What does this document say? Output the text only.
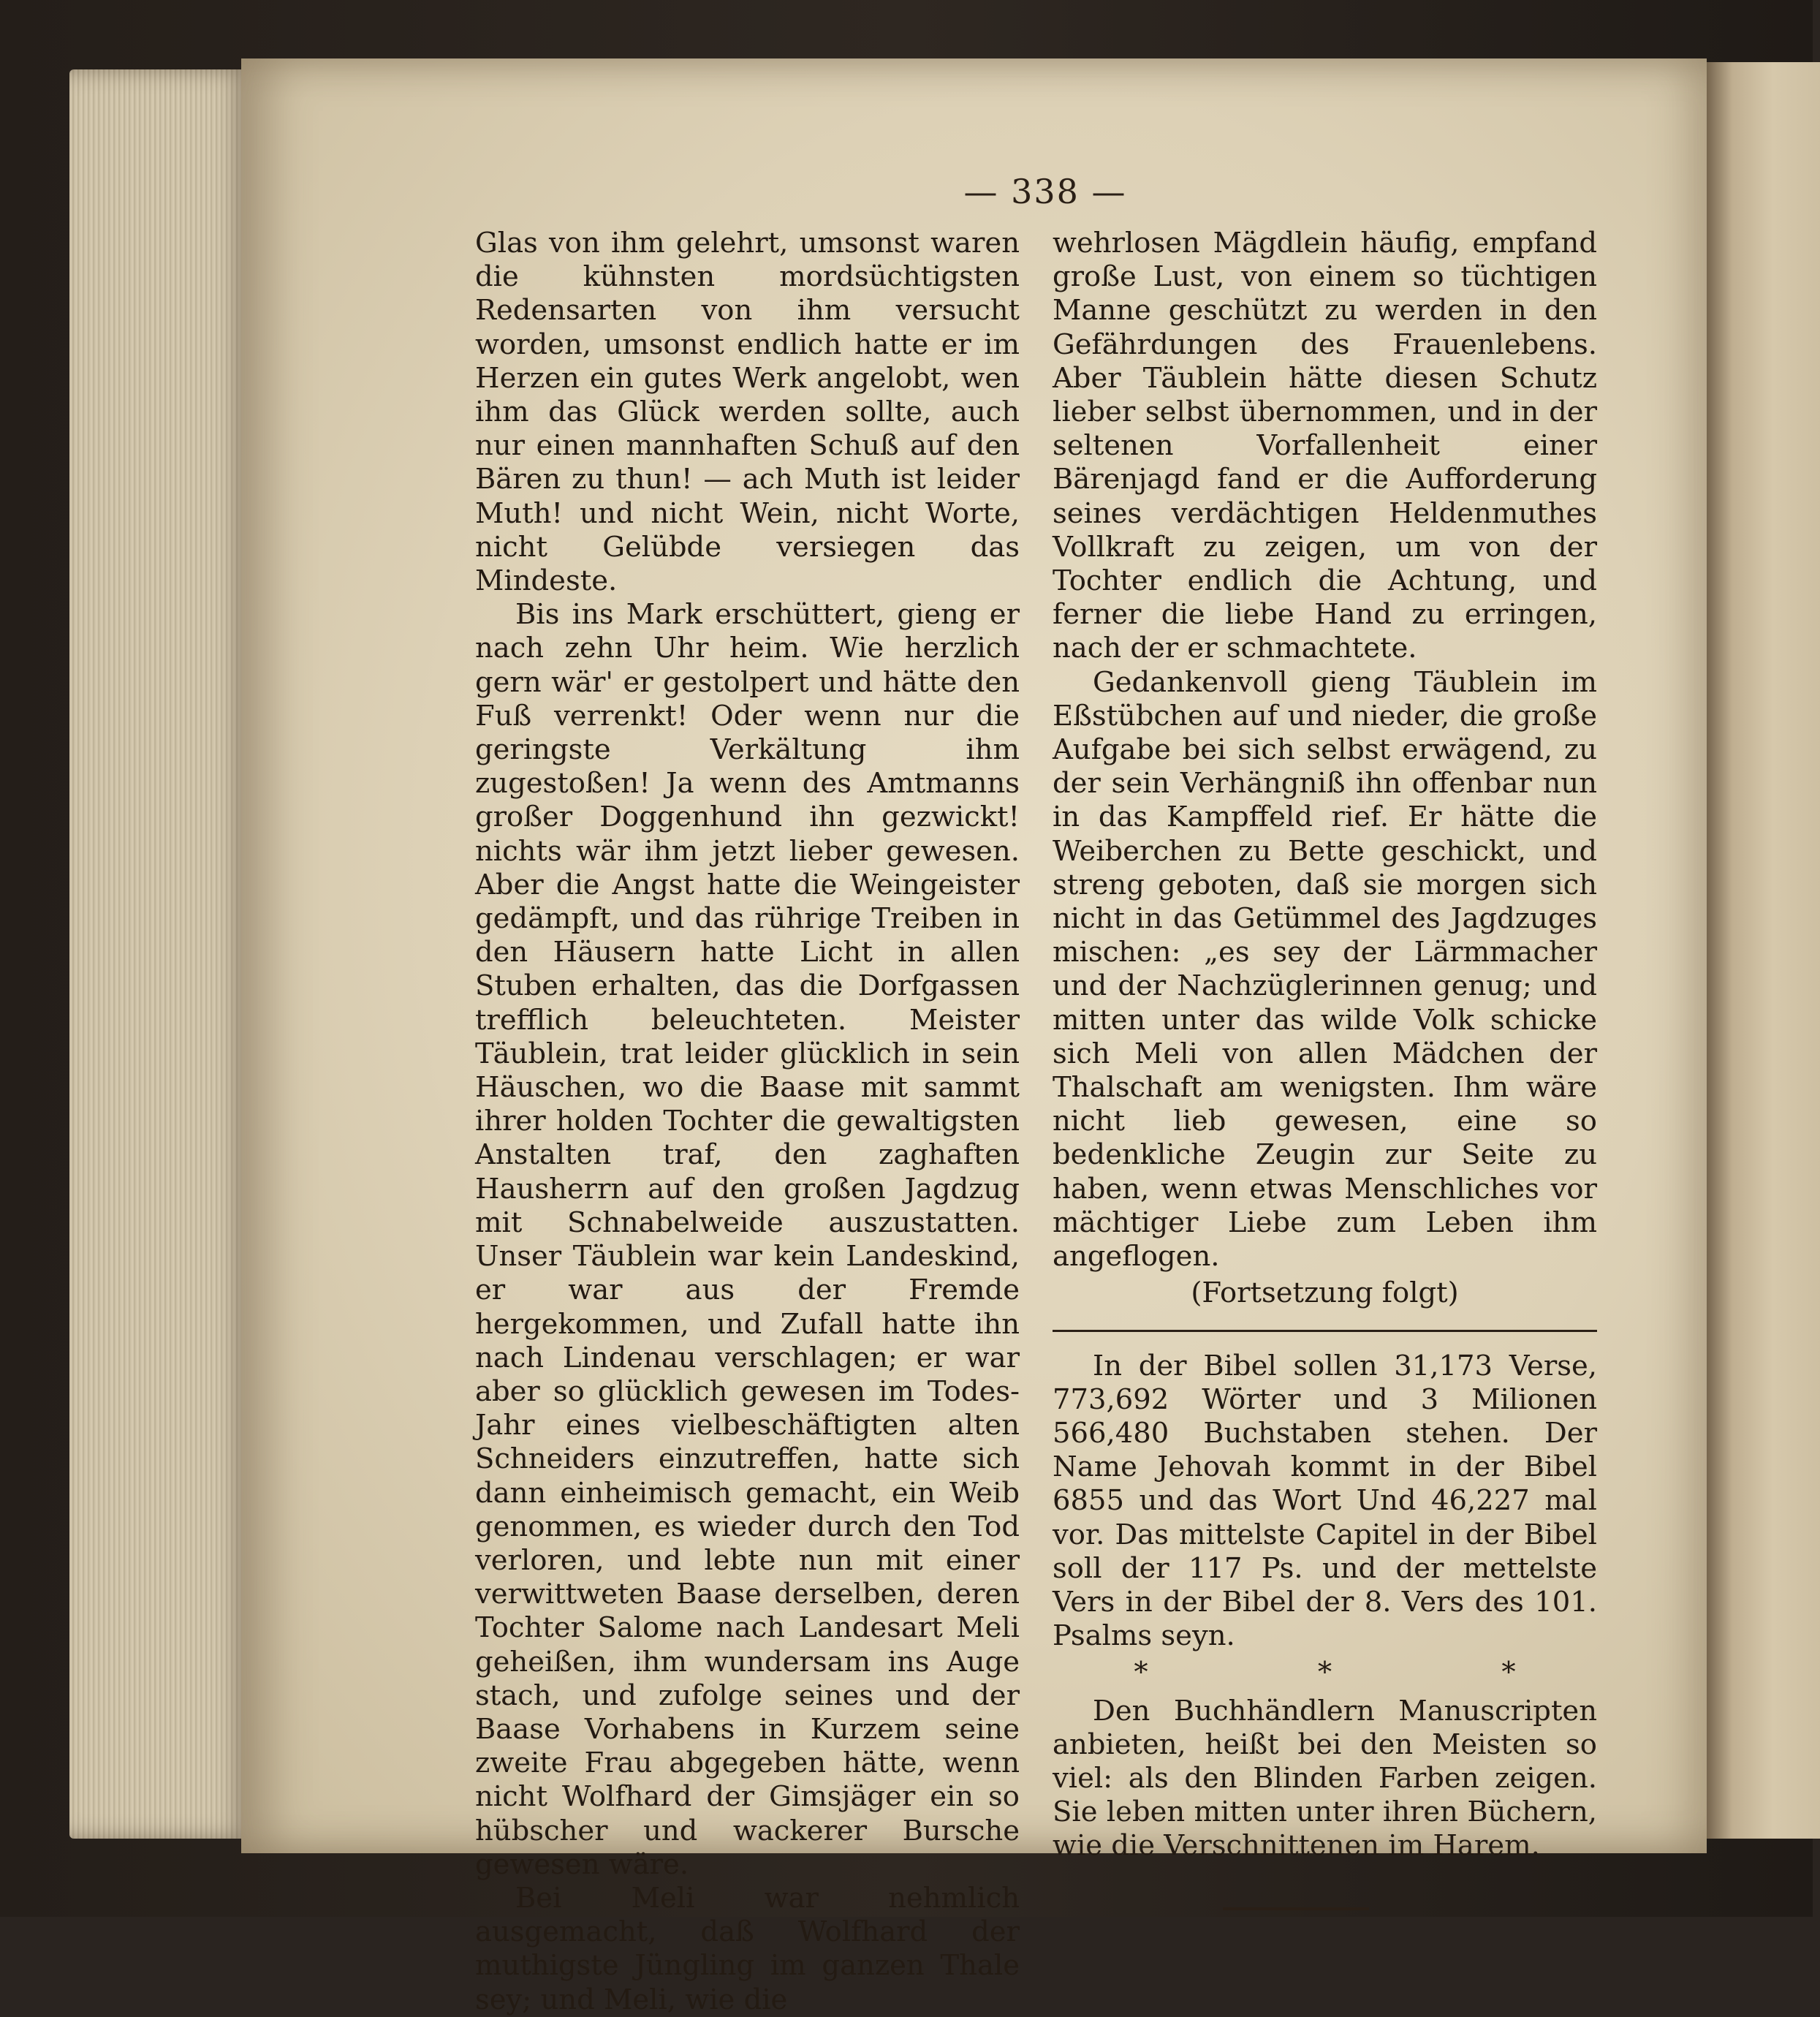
— 338 —

Glas von ihm gelehrt, umsonst waren die kühnsten mordsüchtigsten Redensarten von ihm versucht worden, umsonst endlich hatte er im Herzen ein gutes Werk angelobt, wen ihm das Glück werden sollte, auch nur einen mannhaften Schuß auf den Bären zu thun! — ach Muth ist leider Muth! und nicht Wein, nicht Worte, nicht Gelübde versiegen das Mindeste.

Bis ins Mark erschüttert, gieng er nach zehn Uhr heim. Wie herzlich gern wär' er gestolpert und hätte den Fuß verrenkt! Oder wenn nur die geringste Verkältung ihm zugestoßen! Ja wenn des Amtmanns großer Doggenhund ihn gezwickt! nichts wär ihm jetzt lieber gewesen. Aber die Angst hatte die Weingeister gedämpft, und das rührige Treiben in den Häusern hatte Licht in allen Stuben erhalten, das die Dorfgassen trefflich beleuchteten. Meister Täublein, trat leider glücklich in sein Häuschen, wo die Baase mit sammt ihrer holden Tochter die gewaltigsten Anstalten traf, den zaghaften Hausherrn auf den großen Jagdzug mit Schnabelweide auszustatten. Unser Täublein war kein Landeskind, er war aus der Fremde hergekommen, und Zufall hatte ihn nach Lindenau verschlagen; er war aber so glücklich gewesen im Todes-Jahr eines vielbeschäftigten alten Schneiders einzutreffen, hatte sich dann einheimisch gemacht, ein Weib genommen, es wieder durch den Tod verloren, und lebte nun mit einer verwittweten Baase derselben, deren Tochter Salome nach Landesart Meli geheißen, ihm wundersam ins Auge stach, und zufolge seines und der Baase Vorhabens in Kurzem seine zweite Frau abgegeben hätte, wenn nicht Wolfhard der Gimsjäger ein so hübscher und wackerer Bursche gewesen wäre.

Bei Meli war nehmlich ausgemacht, daß Wolfhard der muthigste Jüngling im ganzen Thale sey; und Meli, wie die

wehrlosen Mägdlein häufig, empfand große Lust, von einem so tüchtigen Manne geschützt zu werden in den Gefährdungen des Frauenlebens. Aber Täublein hätte diesen Schutz lieber selbst übernommen, und in der seltenen Vorfallenheit einer Bärenjagd fand er die Aufforderung seines verdächtigen Heldenmuthes Vollkraft zu zeigen, um von der Tochter endlich die Achtung, und ferner die liebe Hand zu erringen, nach der er schmachtete.

Gedankenvoll gieng Täublein im Eßstübchen auf und nieder, die große Aufgabe bei sich selbst erwägend, zu der sein Verhängniß ihn offenbar nun in das Kampffeld rief. Er hätte die Weiberchen zu Bette geschickt, und streng geboten, daß sie morgen sich nicht in das Getümmel des Jagdzuges mischen: „es sey der Lärmmacher und der Nachzüglerinnen genug; und mitten unter das wilde Volk schicke sich Meli von allen Mädchen der Thalschaft am wenigsten. Ihm wäre nicht lieb gewesen, eine so bedenkliche Zeugin zur Seite zu haben, wenn etwas Menschliches vor mächtiger Liebe zum Leben ihm angeflogen.

(Fortsetzung folgt)

In der Bibel sollen 31,173 Verse, 773,692 Wörter und 3 Milionen 566,480 Buchstaben stehen. Der Name Jehovah kommt in der Bibel 6855 und das Wort Und 46,227 mal vor. Das mittelste Capitel in der Bibel soll der 117 Ps. und der mettelste Vers in der Bibel der 8. Vers des 101. Psalms seyn.

* * *

Den Buchhändlern Manuscripten anbieten, heißt bei den Meisten so viel: als den Blinden Farben zeigen. Sie leben mitten unter ihren Büchern, wie die Verschnittenen im Harem.
